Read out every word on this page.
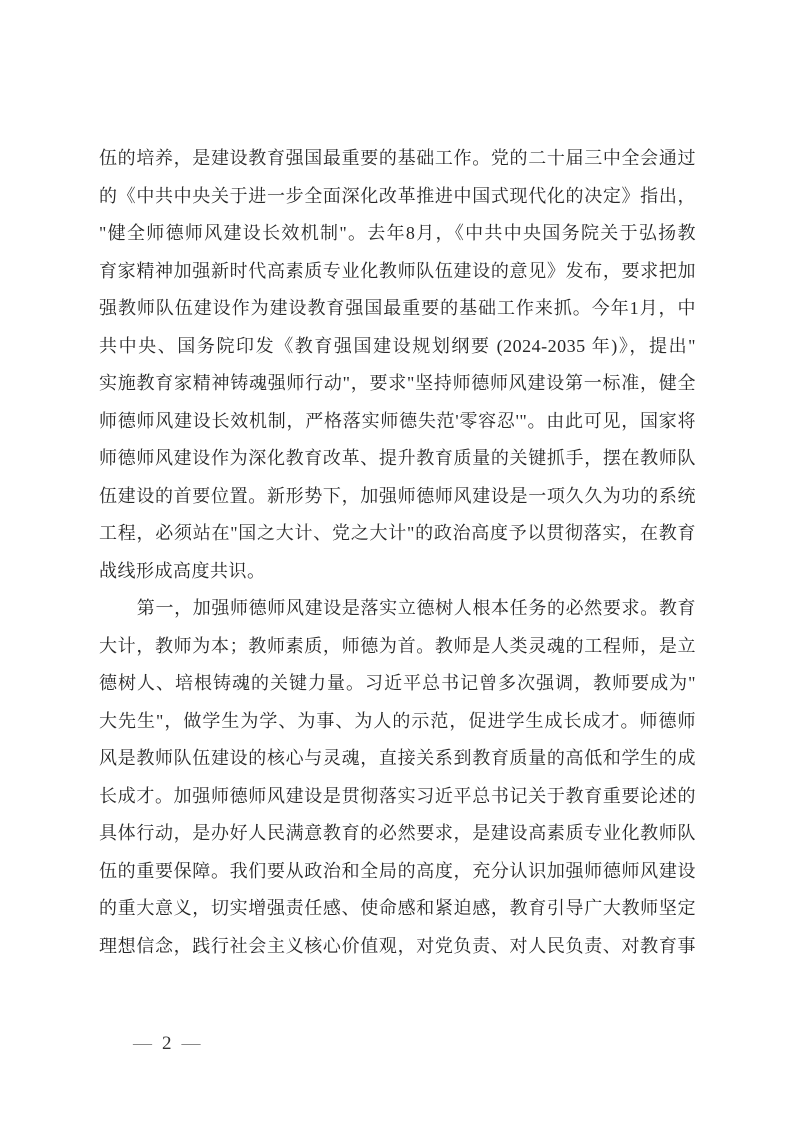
伍的培养，是建设教育强国最重要的基础工作。党的二十届三中全会通过
的《中共中央关于进一步全面深化改革推进中国式现代化的决定》指出，
"健全师德师风建设长效机制"。去年8月，《中共中央国务院关于弘扬教
育家精神加强新时代高素质专业化教师队伍建设的意见》发布，要求把加
强教师队伍建设作为建设教育强国最重要的基础工作来抓。今年1月，中
共中央、国务院印发《教育强国建设规划纲要 (2024-2035 年)》，提出"
实施教育家精神铸魂强师行动"，要求"坚持师德师风建设第一标准，健全
师德师风建设长效机制，严格落实师德失范'零容忍'"。由此可见，国家将
师德师风建设作为深化教育改革、提升教育质量的关键抓手，摆在教师队
伍建设的首要位置。新形势下，加强师德师风建设是一项久久为功的系统
工程，必须站在"国之大计、党之大计"的政治高度予以贯彻落实，在教育
战线形成高度共识。
第一，加强师德师风建设是落实立德树人根本任务的必然要求。教育
大计，教师为本；教师素质，师德为首。教师是人类灵魂的工程师，是立
德树人、培根铸魂的关键力量。习近平总书记曾多次强调，教师要成为"
大先生"，做学生为学、为事、为人的示范，促进学生成长成才。师德师
风是教师队伍建设的核心与灵魂，直接关系到教育质量的高低和学生的成
长成才。加强师德师风建设是贯彻落实习近平总书记关于教育重要论述的
具体行动，是办好人民满意教育的必然要求，是建设高素质专业化教师队
伍的重要保障。我们要从政治和全局的高度，充分认识加强师德师风建设
的重大意义，切实增强责任感、使命感和紧迫感，教育引导广大教师坚定
理想信念，践行社会主义核心价值观，对党负责、对人民负责、对教育事
— 2 —
